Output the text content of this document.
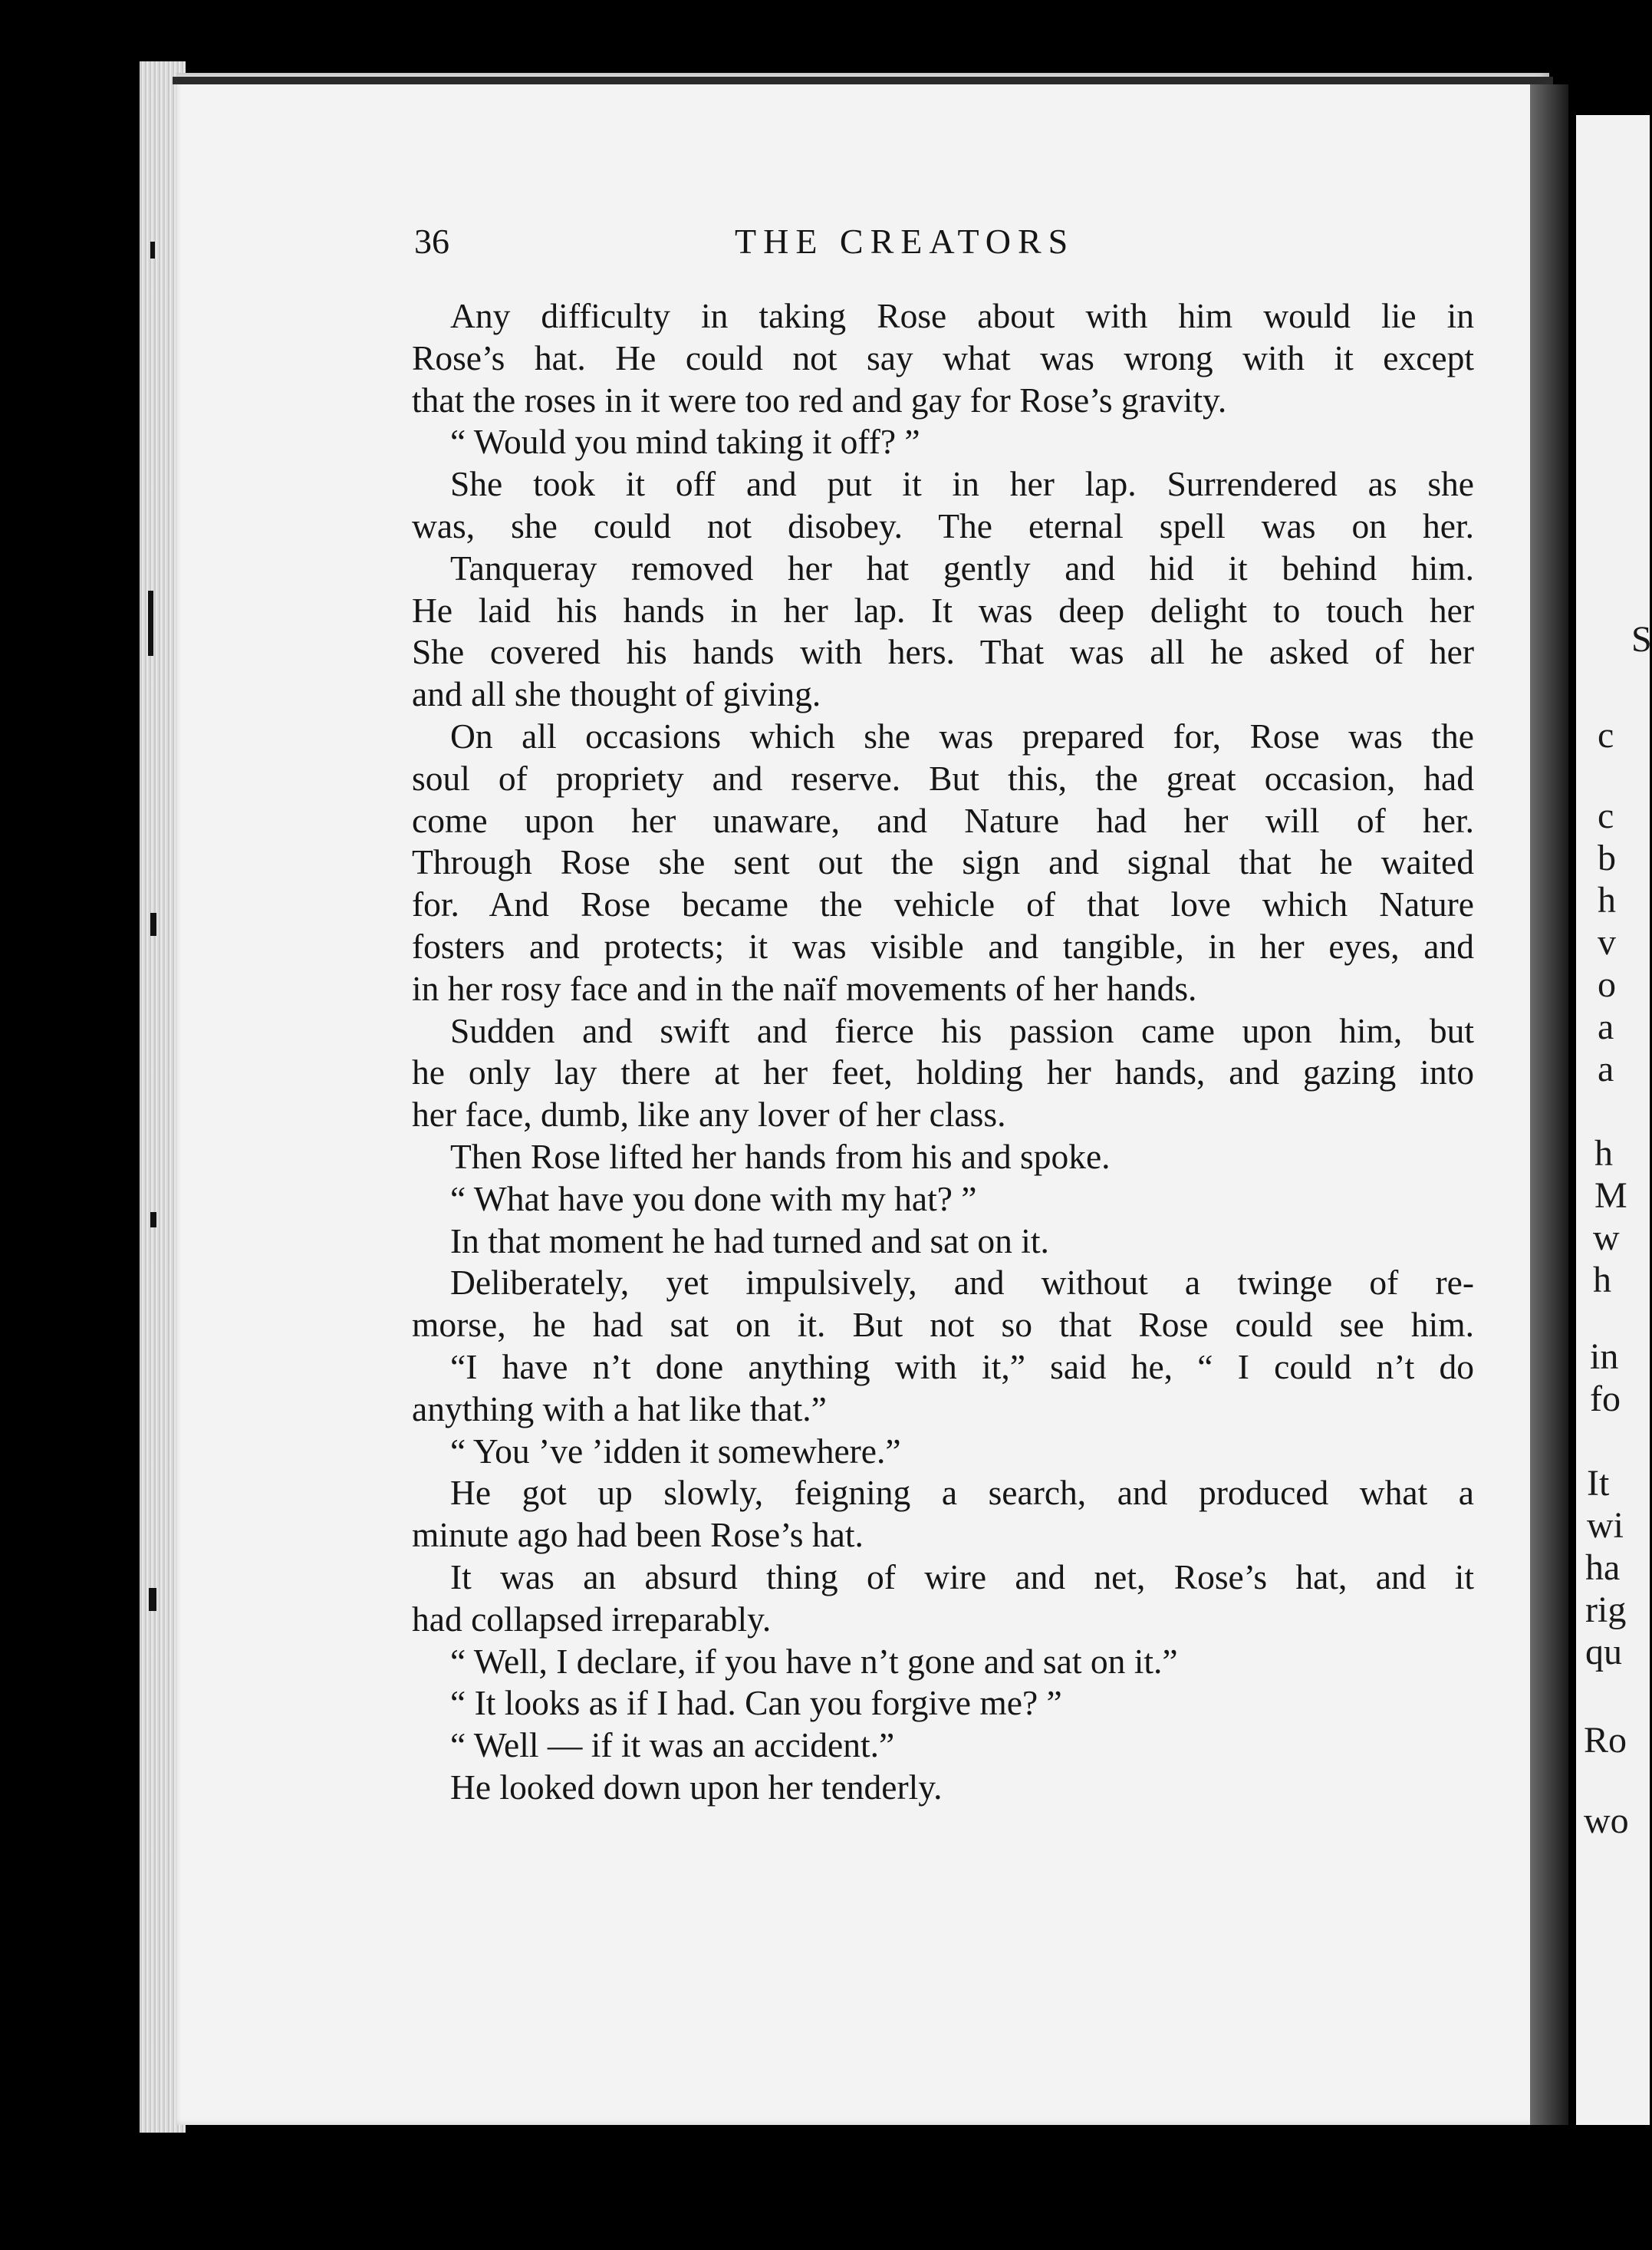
S
c
c
b
h
v
o
a
a
h
M
w
h
in
fo
It
wi
ha
rig
qu
Ro
wo
36	THE CREATORS
Any difficulty in taking Rose about with him would lie in
Rose’s hat. He could not say what was wrong with it except
that the roses in it were too red and gay for Rose’s gravity.
“ Would you mind taking it off? ”
She took it off and put it in her lap. Surrendered as she
was, she could not disobey. The eternal spell was on her.
Tanqueray removed her hat gently and hid it behind him.
He laid his hands in her lap. It was deep delight to touch her
She covered his hands with hers. That was all he asked of her
and all she thought of giving.
On all occasions which she was prepared for, Rose was the
soul of propriety and reserve. But this, the great occasion, had
come upon her unaware, and Nature had her will of her.
Through Rose she sent out the sign and signal that he waited
for. And Rose became the vehicle of that love which Nature
fosters and protects; it was visible and tangible, in her eyes, and
in her rosy face and in the naïf movements of her hands.
Sudden and swift and fierce his passion came upon him, but
he only lay there at her feet, holding her hands, and gazing into
her face, dumb, like any lover of her class.
Then Rose lifted her hands from his and spoke.
“ What have you done with my hat? ”
In that moment he had turned and sat on it.
Deliberately, yet impulsively, and without a twinge of re-
morse, he had sat on it. But not so that Rose could see him.
“I have n’t done anything with it,” said he, “ I could n’t do
anything with a hat like that.”
“ You ’ve ’idden it somewhere.”
He got up slowly, feigning a search, and produced what a
minute ago had been Rose’s hat.
It was an absurd thing of wire and net, Rose’s hat, and it
had collapsed irreparably.
“ Well, I declare, if you have n’t gone and sat on it.”
“ It looks as if I had. Can you forgive me? ”
“ Well — if it was an accident.”
He looked down upon her tenderly.
